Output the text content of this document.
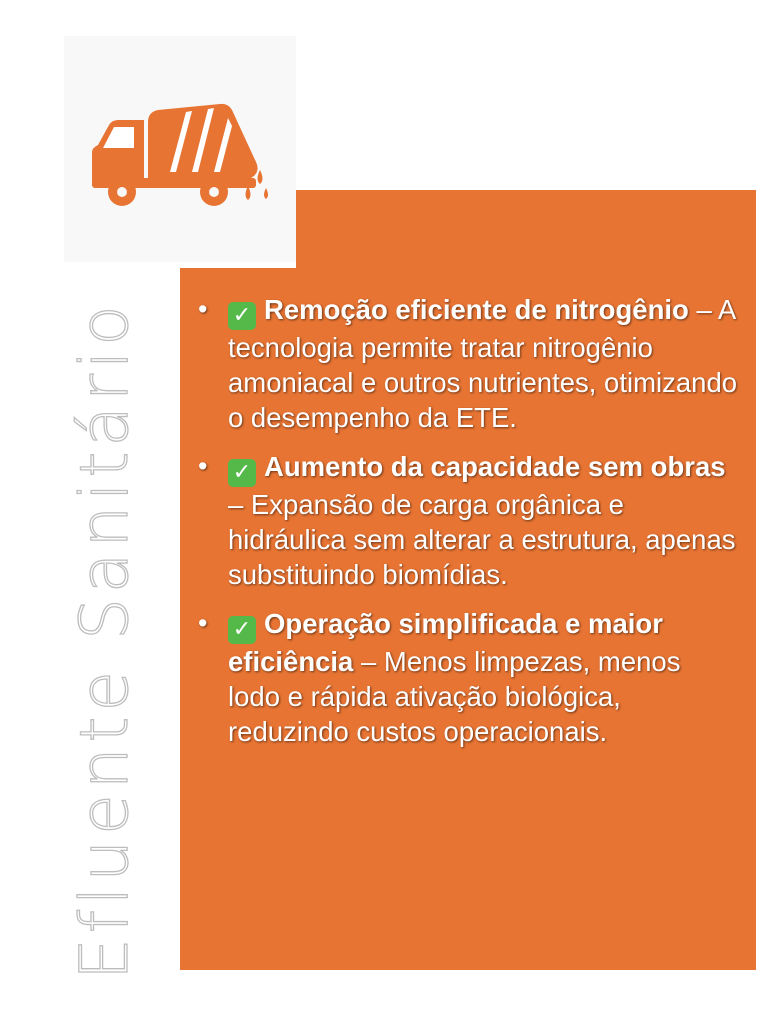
Efluente Sanitário • ✓ Remoção eficiente de nitrogênio – A tecnologia permite tratar nitrogênio amoniacal e outros nutrientes, otimizando o desempenho da ETE.
• ✓ Aumento da capacidade sem obras – Expansão de carga orgânica e hidráulica sem alterar a estrutura, apenas substituindo biomídias.
• ✓ Operação simplificada e maior eficiência – Menos limpezas, menos lodo e rápida ativação biológica, reduzindo custos operacionais.
